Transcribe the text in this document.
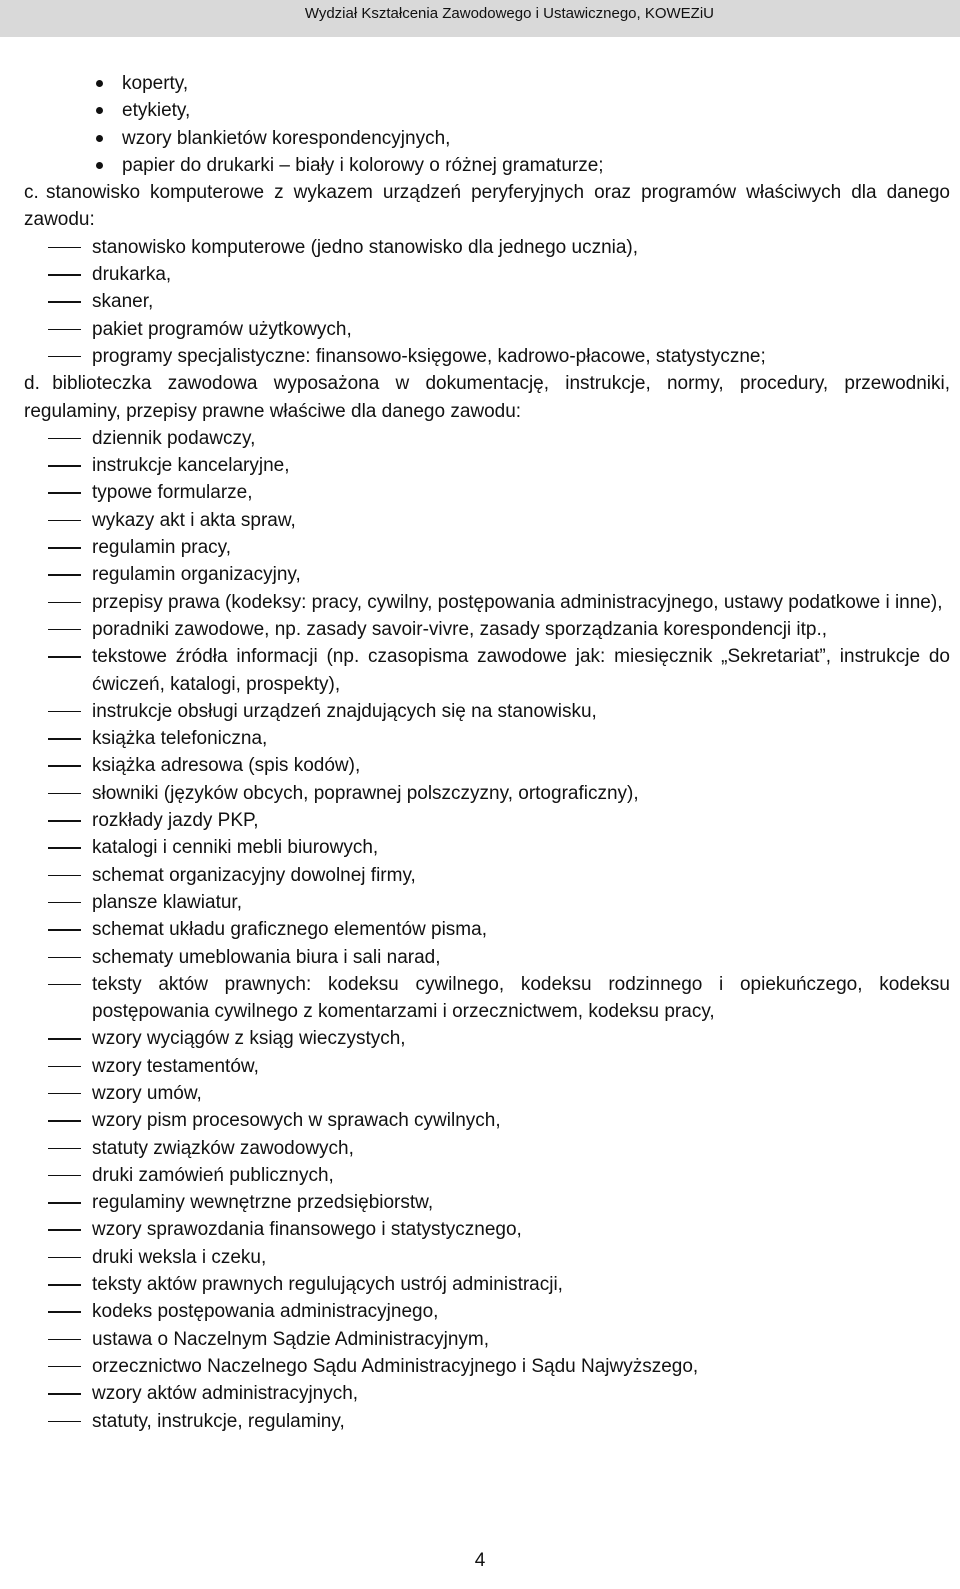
Wydział Kształcenia Zawodowego i Ustawicznego, KOWEZiU
koperty,
etykiety,
wzory blankietów korespondencyjnych,
papier do drukarki – biały i kolorowy o różnej gramaturze;
c. stanowisko komputerowe z wykazem urządzeń peryferyjnych oraz programów właściwych dla danego zawodu:
stanowisko komputerowe (jedno stanowisko dla jednego ucznia),
drukarka,
skaner,
pakiet programów użytkowych,
programy specjalistyczne: finansowo-księgowe, kadrowo-płacowe, statystyczne;
d. biblioteczka zawodowa wyposażona w dokumentację, instrukcje, normy, procedury, przewodniki, regulaminy, przepisy prawne właściwe dla danego zawodu:
dziennik podawczy,
instrukcje kancelaryjne,
typowe formularze,
wykazy akt i akta spraw,
regulamin pracy,
regulamin organizacyjny,
przepisy prawa (kodeksy: pracy, cywilny, postępowania administracyjnego, ustawy podatkowe i inne),
poradniki zawodowe, np. zasady savoir-vivre, zasady sporządzania korespondencji itp.,
tekstowe źródła informacji (np. czasopisma zawodowe jak: miesięcznik „Sekretariat”, instrukcje do ćwiczeń, katalogi, prospekty),
instrukcje obsługi urządzeń znajdujących się na stanowisku,
książka telefoniczna,
książka adresowa (spis kodów),
słowniki (języków obcych, poprawnej polszczyzny, ortograficzny),
rozkłady jazdy PKP,
katalogi i cenniki mebli biurowych,
schemat organizacyjny dowolnej firmy,
plansze klawiatur,
schemat układu graficznego elementów pisma,
schematy umeblowania biura i sali narad,
teksty aktów prawnych: kodeksu cywilnego, kodeksu rodzinnego i opiekuńczego, kodeksu postępowania cywilnego z komentarzami i orzecznictwem, kodeksu pracy,
wzory wyciągów z ksiąg wieczystych,
wzory testamentów,
wzory umów,
wzory pism procesowych w sprawach cywilnych,
statuty związków zawodowych,
druki zamówień publicznych,
regulaminy wewnętrzne przedsiębiorstw,
wzory sprawozdania finansowego i statystycznego,
druki weksla i czeku,
teksty aktów prawnych regulujących ustrój administracji,
kodeks postępowania administracyjnego,
ustawa o Naczelnym Sądzie Administracyjnym,
orzecznictwo Naczelnego Sądu Administracyjnego i Sądu Najwyższego,
wzory aktów administracyjnych,
statuty, instrukcje, regulaminy,
4
